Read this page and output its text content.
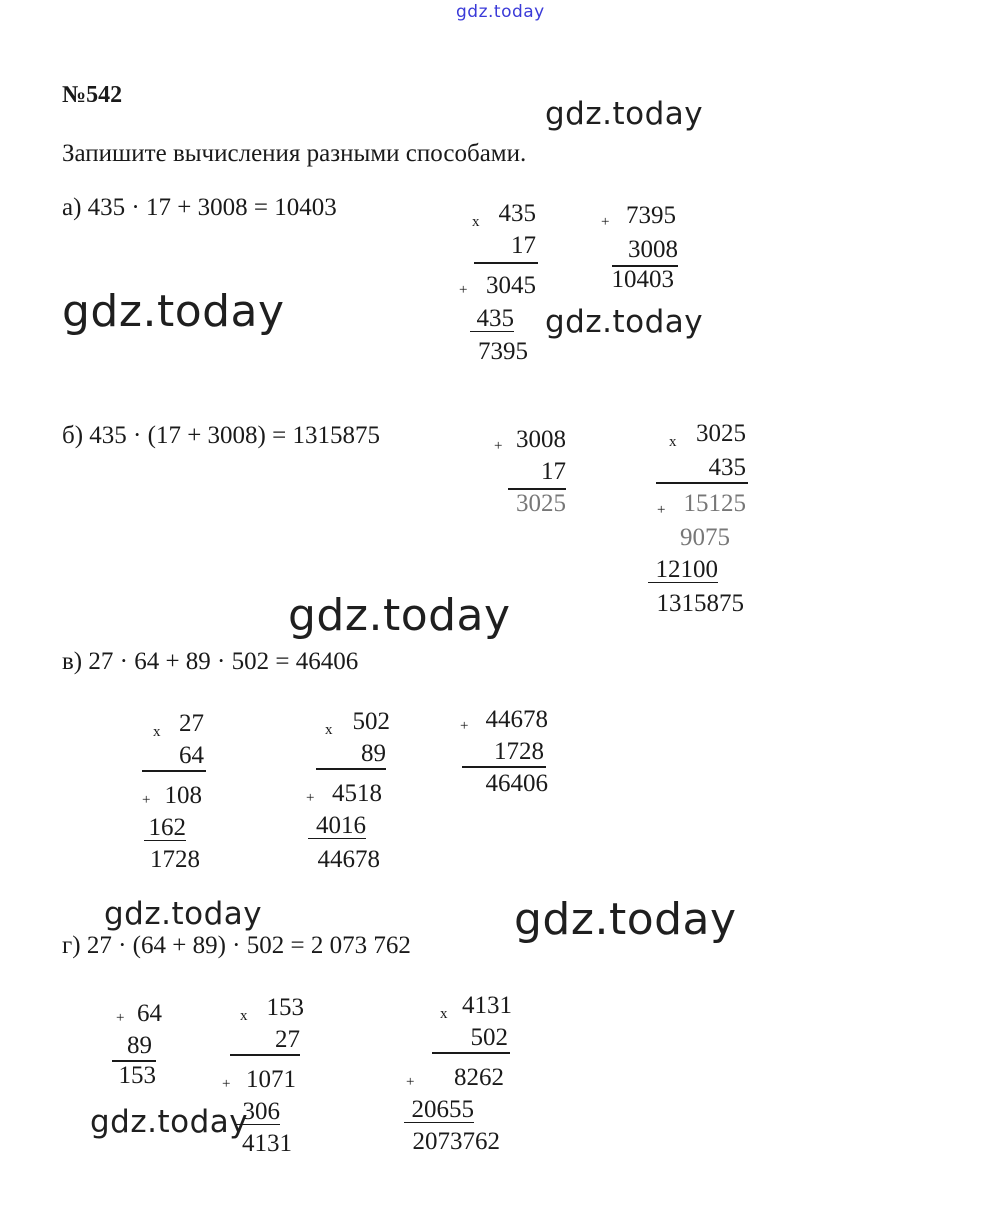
gdz.today
gdz.today
gdz.today	gdz.today
gdz.today
gdz.today	gdz.today
gdz.today
№542
Запишите вычисления разными способами.
а) 435 · 17 + 3008 = 10403
x 435
17
+ 3045
435
7395
+ 7395
3008
10403
б) 435 · (17 + 3008) = 1315875	+ 3008
17
3025
x 3025
435
+ 15125
9075
12100
1315875
в) 27 · 64 + 89 · 502 = 46406
x 27
64
+ 108
162
1728
x 502
89
+ 4518
4016
44678
+ 44678
1728
46406
г) 27 · (64 + 89) · 502 = 2 073 762
+ 64
89
153
x 153
27
+ 1071
306
4131
x 4131
502
+	8262
20655
2073762
